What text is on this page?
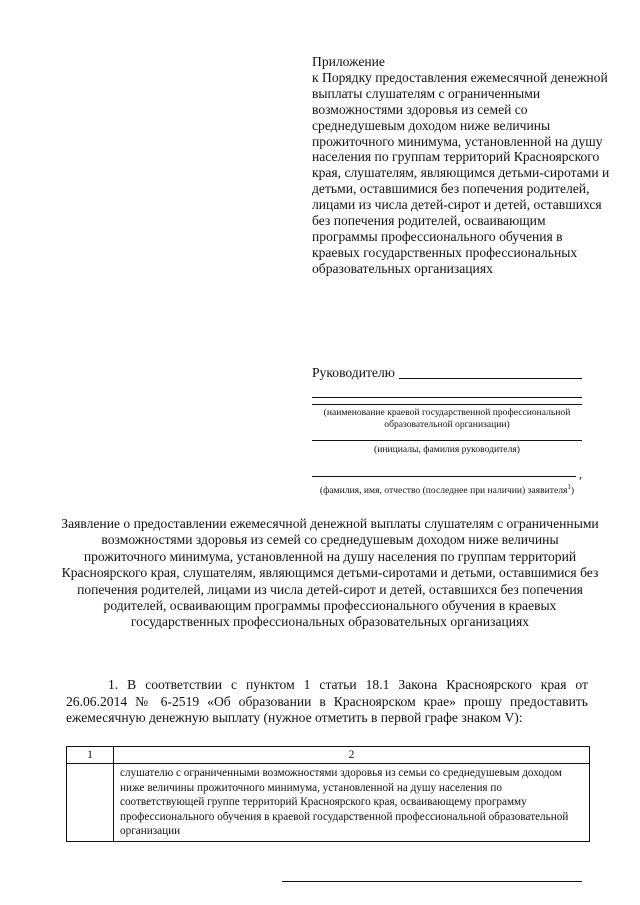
Приложение
к Порядку предоставления ежемесячной денежной выплаты слушателям с ограниченными возможностями здоровья из семей со среднедушевым доходом ниже величины прожиточного минимума, установленной на душу населения по группам территорий Красноярского края, слушателям, являющимся детьми-сиротами и детьми, оставшимися без попечения родителей, лицами из числа детей-сирот и детей, оставшихся без попечения родителей, осваивающим программы профессионального обучения в краевых государственных профессиональных образовательных организациях
Руководителю
(наименование краевой государственной профессиональной образовательной организации)
(инициалы, фамилия руководителя)
,
(фамилия, имя, отчество (последнее при наличии) заявителя$^1$)
Заявление о предоставлении ежемесячной денежной выплаты слушателям с ограниченными возможностями здоровья из семей со среднедушевым доходом ниже величины прожиточного минимума, установленной на душу населения по группам территорий Красноярского края, слушателям, являющимся детьми-сиротами и детьми, оставшимися без попечения родителей, лицами из числа детей-сирот и детей, оставшихся без попечения родителей, осваивающим программы профессионального обучения в краевых государственных профессиональных образовательных организациях
1. В соответствии с пунктом 1 статьи 18.1 Закона Красноярского края от 26.06.2014 № 6-2519 «Об образовании в Красноярском крае» прошу предоставить ежемесячную денежную выплату (нужное отметить в первой графе знаком V):
1	2
	слушателю с ограниченными возможностями здоровья из семьи со среднедушевым доходом ниже величины прожиточного минимума, установленной на душу населения по соответствующей группе территорий Красноярского края, осваивающему программу профессионального обучения в краевой государственной профессиональной образовательной организации
